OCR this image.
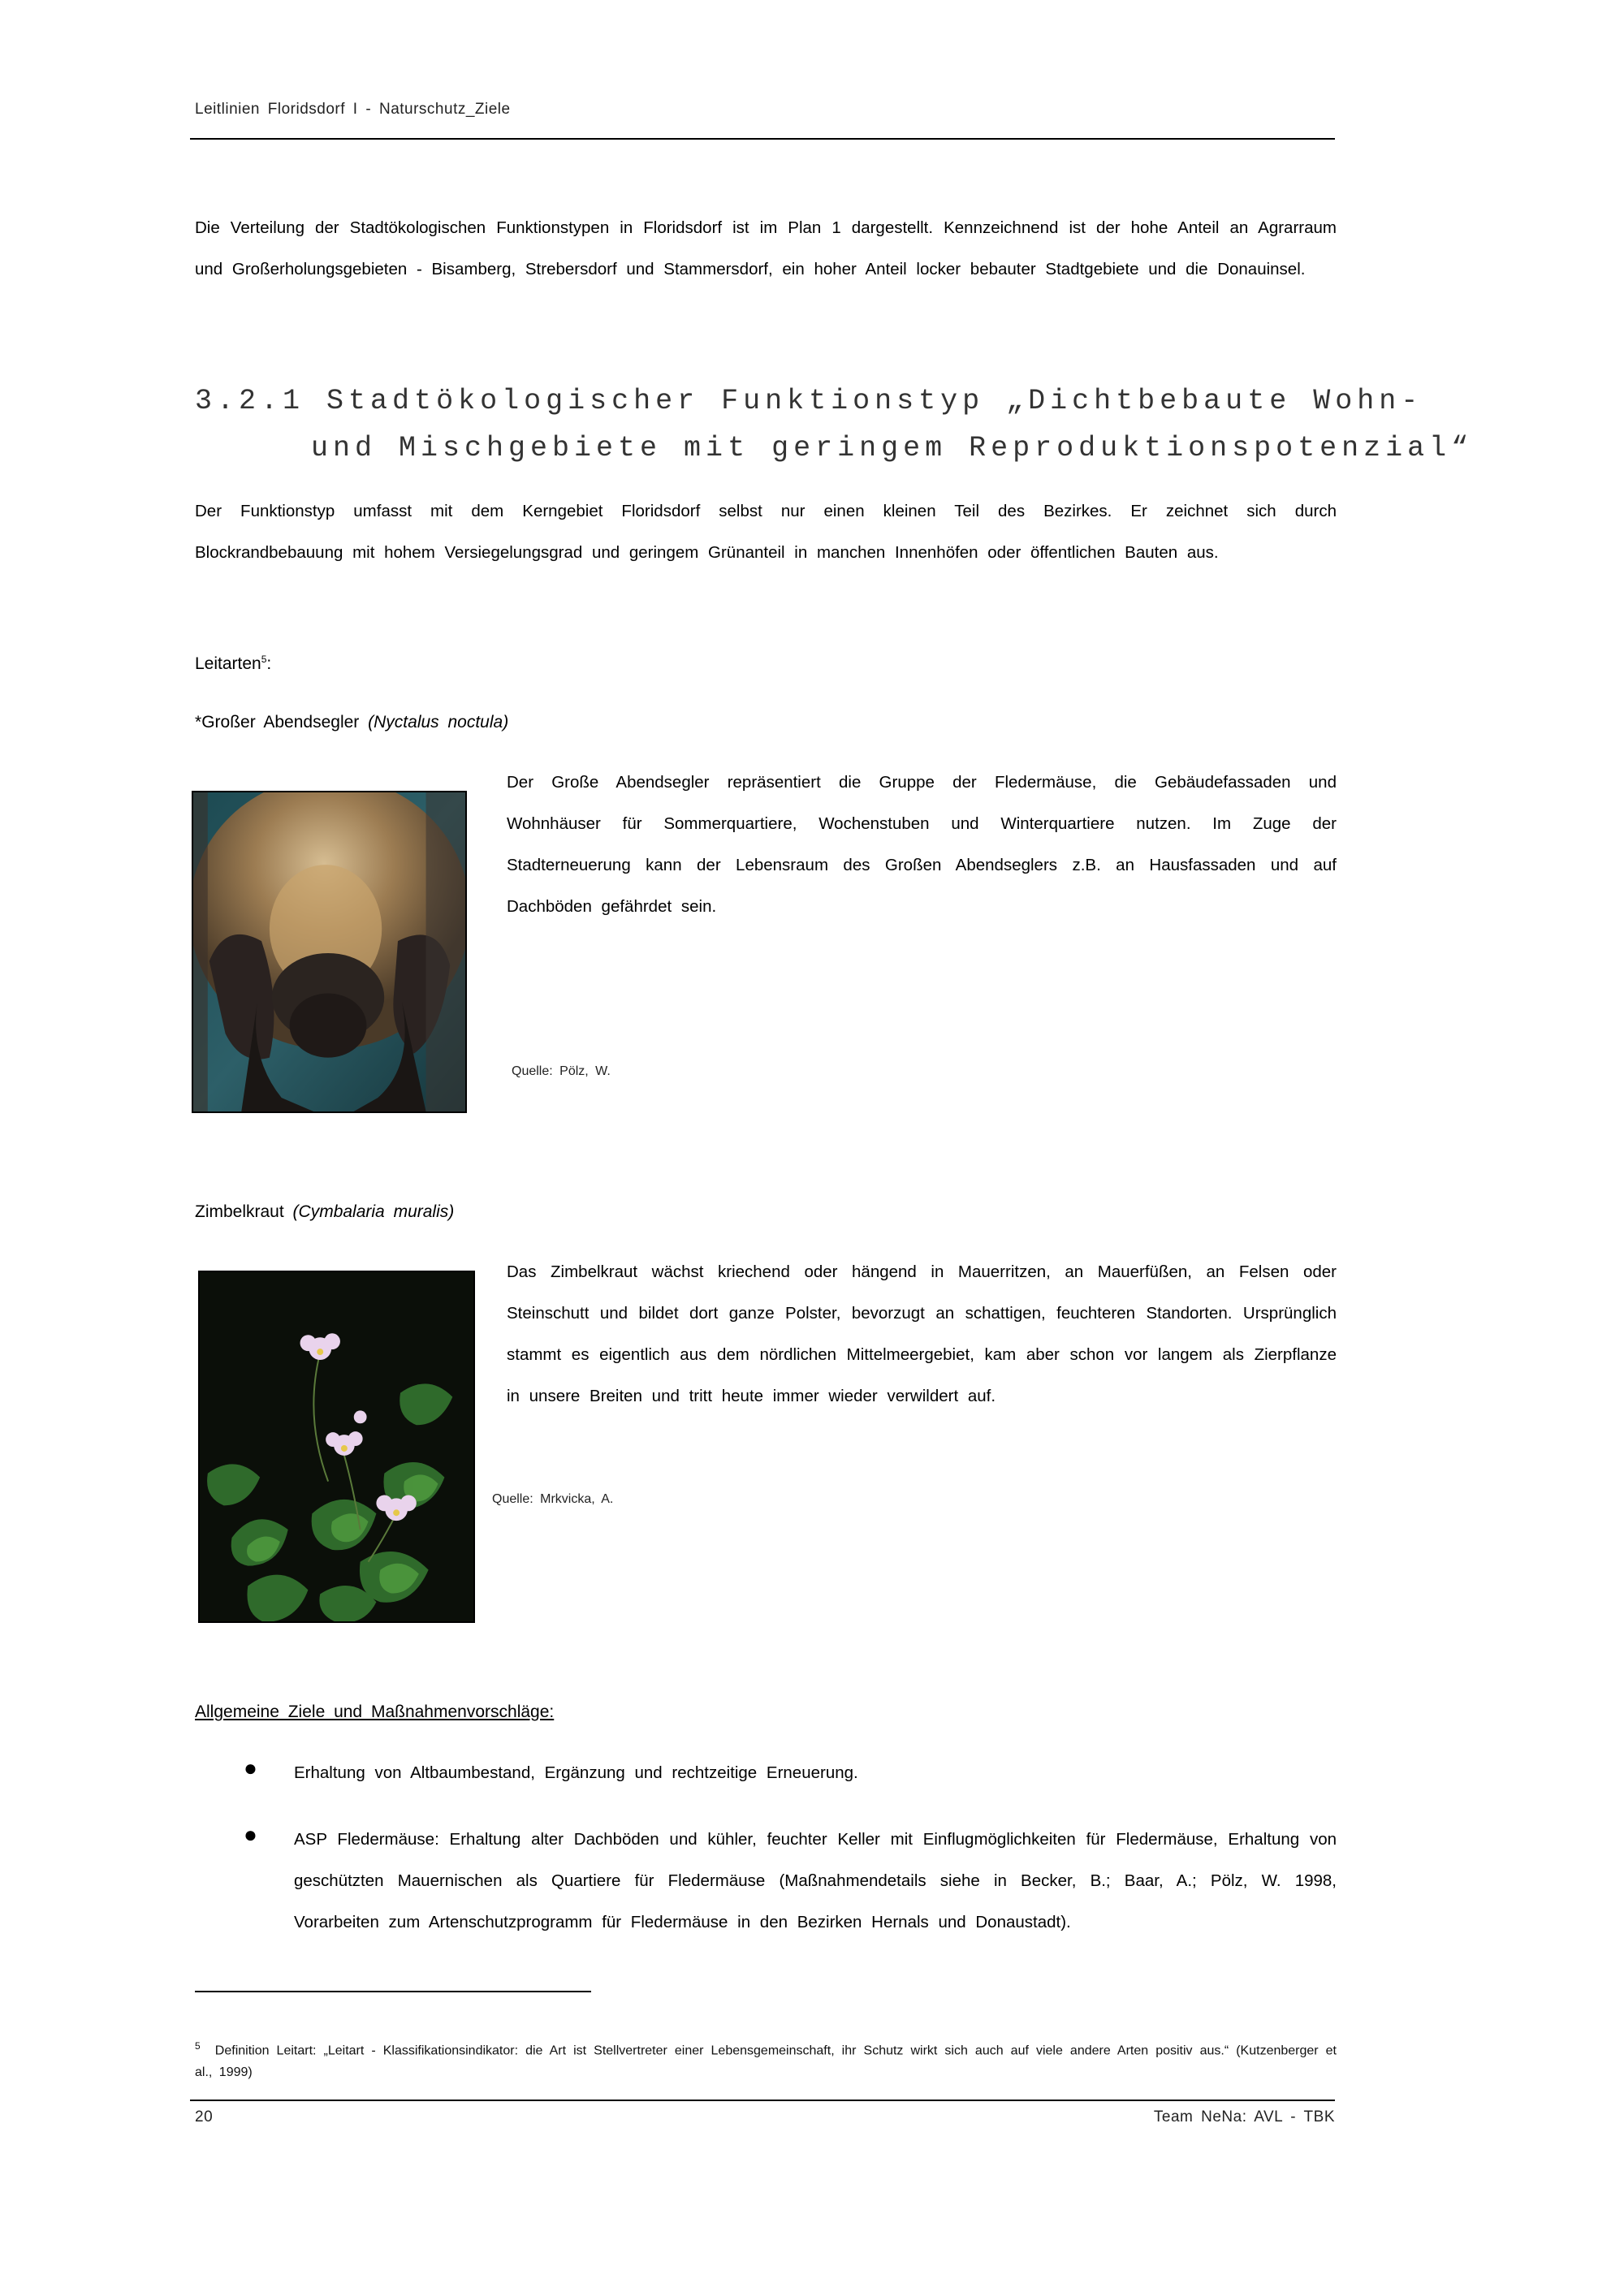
Leitlinien Floridsdorf I - Naturschutz_Ziele
Die Verteilung der Stadtökologischen Funktionstypen in Floridsdorf ist im Plan 1 dargestellt. Kennzeichnend ist der hohe Anteil an Agrarraum und Großerholungsgebieten - Bisamberg, Strebersdorf und Stammersdorf, ein hoher Anteil locker bebauter Stadtgebiete und die Donauinsel.
3.2.1 Stadtökologischer Funktionstyp „Dichtbebaute Wohn-
und Mischgebiete mit geringem Reproduktionspotenzial“
Der Funktionstyp umfasst mit dem Kerngebiet Floridsdorf selbst nur einen kleinen Teil des Bezirkes. Er zeichnet sich durch Blockrandbebauung mit hohem Versiegelungsgrad und geringem Grünanteil in manchen Innenhöfen oder öffentlichen Bauten aus.
Leitarten$^5$:
*Großer Abendsegler (Nyctalus noctula)
Der Große Abendsegler repräsentiert die Gruppe der Fledermäuse, die Gebäudefassaden und Wohnhäuser für Sommerquartiere, Wochenstuben und Winterquartiere nutzen. Im Zuge der Stadterneuerung kann der Lebensraum des Großen Abendseglers z.B. an Hausfassaden und auf Dachböden gefährdet sein.
Quelle: Pölz, W.
Zimbelkraut (Cymbalaria muralis)
Das Zimbelkraut wächst kriechend oder hängend in Mauerritzen, an Mauerfüßen, an Felsen oder Steinschutt und bildet dort ganze Polster, bevorzugt an schattigen, feuchteren Standorten. Ursprünglich stammt es eigentlich aus dem nördlichen Mittelmeergebiet, kam aber schon vor langem als Zierpflanze in unsere Breiten und tritt heute immer wieder verwildert auf.
Quelle: Mrkvicka, A.
Allgemeine Ziele und Maßnahmenvorschläge:
● Erhaltung von Altbaumbestand, Ergänzung und rechtzeitige Erneuerung.
● ASP Fledermäuse: Erhaltung alter Dachböden und kühler, feuchter Keller mit Einflugmöglichkeiten für Fledermäuse, Erhaltung von geschützten Mauernischen als Quartiere für Fledermäuse (Maßnahmendetails siehe in Becker, B.; Baar, A.; Pölz, W. 1998, Vorarbeiten zum Artenschutzprogramm für Fledermäuse in den Bezirken Hernals und Donaustadt).
$^5$ Definition Leitart: „Leitart - Klassifikationsindikator: die Art ist Stellvertreter einer Lebensgemeinschaft, ihr Schutz wirkt sich auch auf viele andere Arten positiv aus.“ (Kutzenberger et al., 1999)
20	Team NeNa: AVL - TBK
